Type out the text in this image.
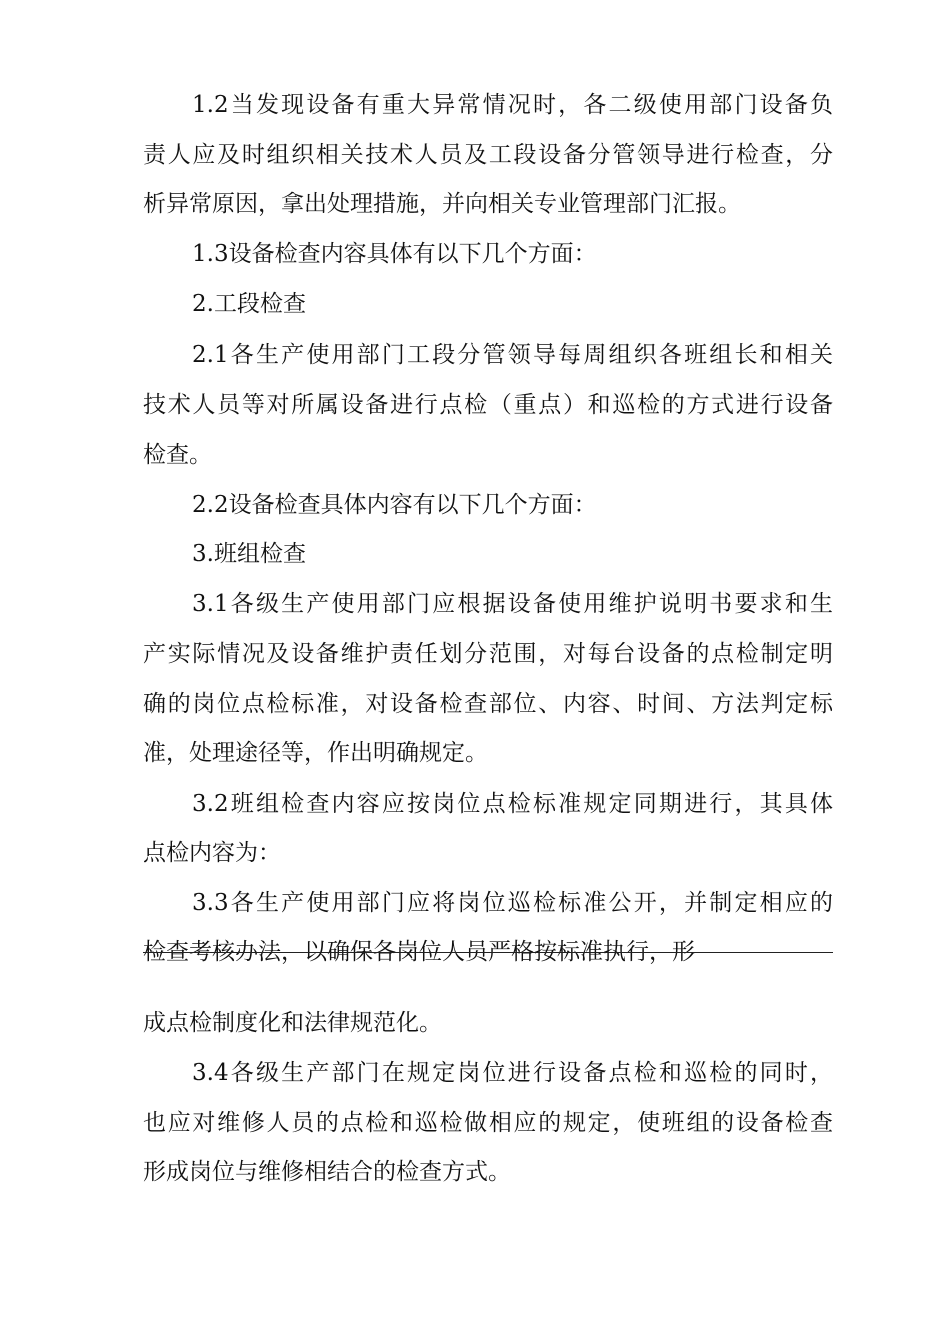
1.2当发现设备有重大异常情况时，各二级使用部门设备负
责人应及时组织相关技术人员及工段设备分管领导进行检查，分
析异常原因，拿出处理措施，并向相关专业管理部门汇报。
1.3设备检查内容具体有以下几个方面：
2.工段检查
2.1各生产使用部门工段分管领导每周组织各班组长和相关
技术人员等对所属设备进行点检（重点）和巡检的方式进行设备
检查。
2.2设备检查具体内容有以下几个方面：
3.班组检查
3.1各级生产使用部门应根据设备使用维护说明书要求和生
产实际情况及设备维护责任划分范围，对每台设备的点检制定明
确的岗位点检标准，对设备检查部位、内容、时间、方法判定标
准，处理途径等，作出明确规定。
3.2班组检查内容应按岗位点检标准规定同期进行，其具体
点检内容为：
3.3各生产使用部门应将岗位巡检标准公开，并制定相应的
检查考核办法，以确保各岗位人员严格按标准执行，形
成点检制度化和法律规范化。
3.4各级生产部门在规定岗位进行设备点检和巡检的同时，
也应对维修人员的点检和巡检做相应的规定，使班组的设备检查
形成岗位与维修相结合的检查方式。
